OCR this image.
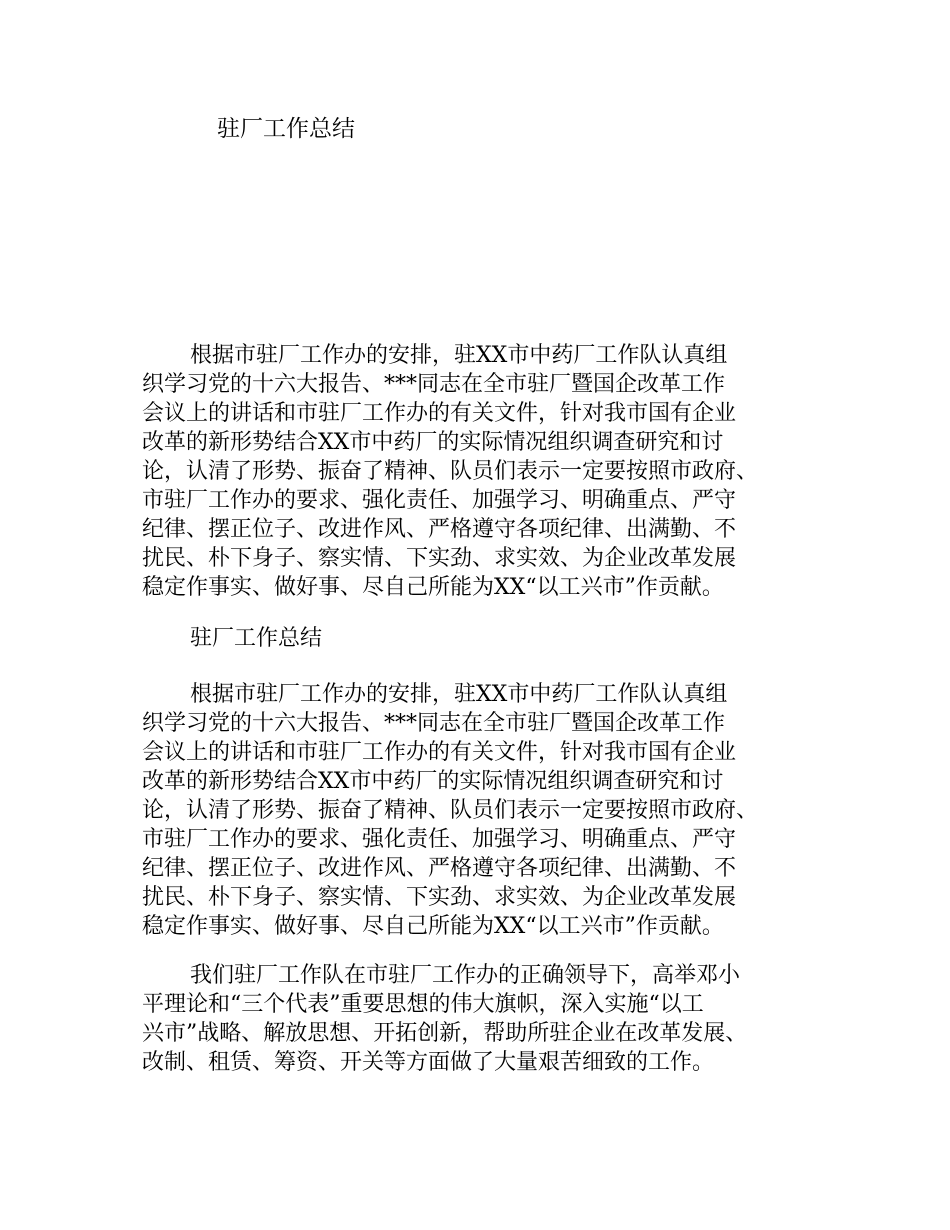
驻厂工作总结
根据市驻厂工作办的安排，驻XX市中药厂工作队认真组
织学习党的十六大报告、***同志在全市驻厂暨国企改革工作
会议上的讲话和市驻厂工作办的有关文件，针对我市国有企业
改革的新形势结合XX市中药厂的实际情况组织调查研究和讨
论，认清了形势、振奋了精神、队员们表示一定要按照市政府、
市驻厂工作办的要求、强化责任、加强学习、明确重点、严守
纪律、摆正位子、改进作风、严格遵守各项纪律、出满勤、不
扰民、朴下身子、察实情、下实劲、求实效、为企业改革发展
稳定作事实、做好事、尽自己所能为XX“以工兴市”作贡献。
驻厂工作总结
根据市驻厂工作办的安排，驻XX市中药厂工作队认真组
织学习党的十六大报告、***同志在全市驻厂暨国企改革工作
会议上的讲话和市驻厂工作办的有关文件，针对我市国有企业
改革的新形势结合XX市中药厂的实际情况组织调查研究和讨
论，认清了形势、振奋了精神、队员们表示一定要按照市政府、
市驻厂工作办的要求、强化责任、加强学习、明确重点、严守
纪律、摆正位子、改进作风、严格遵守各项纪律、出满勤、不
扰民、朴下身子、察实情、下实劲、求实效、为企业改革发展
稳定作事实、做好事、尽自己所能为XX“以工兴市”作贡献。
我们驻厂工作队在市驻厂工作办的正确领导下，高举邓小
平理论和“三个代表”重要思想的伟大旗帜，深入实施“以工
兴市”战略、解放思想、开拓创新，帮助所驻企业在改革发展、
改制、租赁、筹资、开关等方面做了大量艰苦细致的工作。
